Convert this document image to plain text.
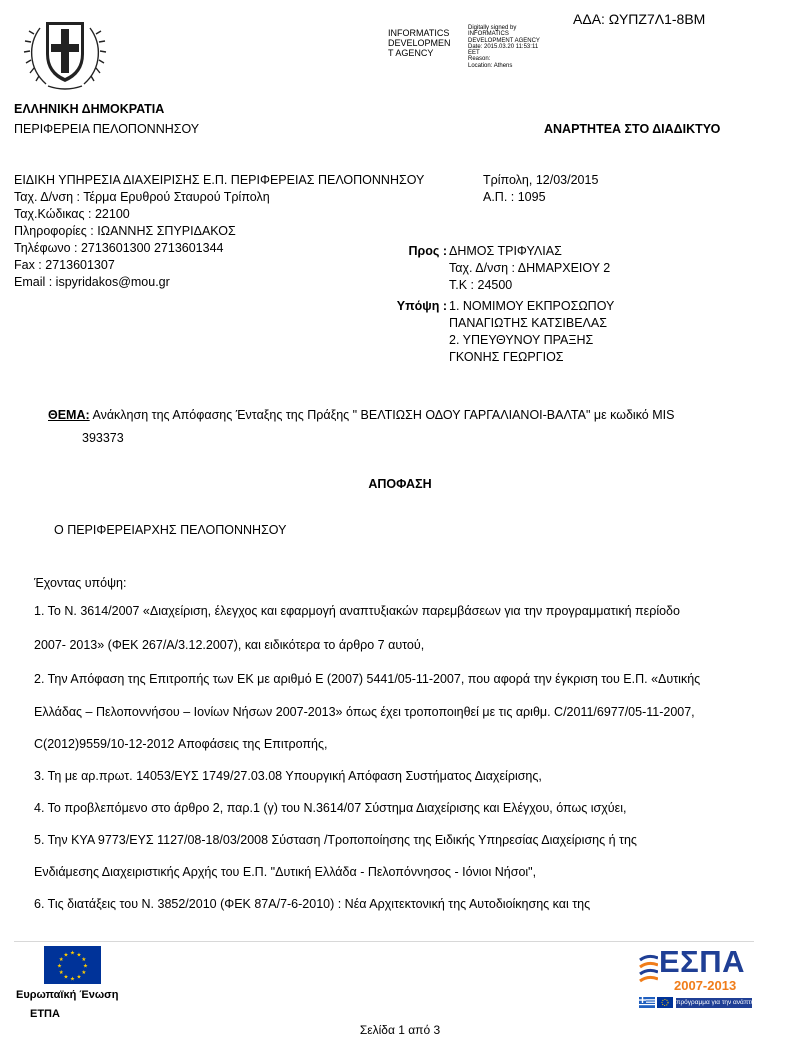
INFORMATICS
DEVELOPMEN
T AGENCY
Digitally signed by
INFORMATICS
DEVELOPMENT AGENCY
Date: 2015.03.20 11:53:11
EET
Reason:
Location: Athens
ΑΔΑ: ΩΥΠΖ7Λ1-8ΒΜ
ΕΛΛΗΝΙΚΗ ΔΗΜΟΚΡΑΤΙΑ
ΠΕΡΙΦΕΡΕΙΑ ΠΕΛΟΠΟΝΝΗΣΟΥ	ΑΝΑΡΤΗΤΕΑ ΣΤΟ ΔΙΑΔΙΚΤΥΟ
ΕΙΔΙΚΗ ΥΠΗΡΕΣΙΑ ΔΙΑΧΕΙΡΙΣΗΣ Ε.Π. ΠΕΡΙΦΕΡΕΙΑΣ ΠΕΛΟΠΟΝΝΗΣΟΥ
Ταχ. Δ/νση : Τέρμα Ερυθρού Σταυρού Τρίπολη
Ταχ.Κώδικας : 22100
Πληροφορίες : ΙΩΑΝΝΗΣ ΣΠΥΡΙΔΑΚΟΣ
Τηλέφωνο : 2713601300 2713601344
Fax : 2713601307
Email : ispyridakos@mou.gr
Τρίπολη, 12/03/2015
Α.Π. : 1095
Προς : ΔΗΜΟΣ ΤΡΙΦΥΛΙΑΣ
Ταχ. Δ/νση : ΔΗΜΑΡΧΕΙΟΥ 2
Τ.Κ : 24500
Υπόψη : 1. ΝΟΜΙΜΟΥ ΕΚΠΡΟΣΩΠΟΥ
ΠΑΝΑΓΙΩΤΗΣ ΚΑΤΣΙΒΕΛΑΣ
2. ΥΠΕΥΘΥΝΟΥ ΠΡΑΞΗΣ
ΓΚΟΝΗΣ ΓΕΩΡΓΙΟΣ
ΘΕΜΑ: Ανάκληση της Απόφασης Ένταξης της Πράξης " ΒΕΛΤΙΩΣΗ ΟΔΟΥ ΓΑΡΓΑΛΙΑΝΟΙ-ΒΑΛΤΑ" με κωδικό MIS
393373
ΑΠΟΦΑΣΗ
Ο ΠΕΡΙΦΕΡΕΙΑΡΧΗΣ ΠΕΛΟΠΟΝΝΗΣΟΥ
Έχοντας υπόψη:
1. Το Ν. 3614/2007 «Διαχείριση, έλεγχος και εφαρμογή αναπτυξιακών παρεμβάσεων για την προγραμματική περίοδο
2007- 2013» (ΦΕΚ 267/Α/3.12.2007), και ειδικότερα το άρθρο 7 αυτού,
2. Την Απόφαση της Επιτροπής των ΕΚ με αριθμό Ε (2007) 5441/05-11-2007, που αφορά την έγκριση του Ε.Π. «Δυτικής
Ελλάδας – Πελοποννήσου – Ιονίων Νήσων 2007-2013» όπως έχει τροποποιηθεί με τις αριθμ. C/2011/6977/05-11-2007,
C(2012)9559/10-12-2012 Αποφάσεις της Επιτροπής,
3. Τη με αρ.πρωτ. 14053/ΕΥΣ 1749/27.03.08 Υπουργική Απόφαση Συστήματος Διαχείρισης,
4. Το προβλεπόμενο στο άρθρο 2, παρ.1 (γ) του Ν.3614/07 Σύστημα Διαχείρισης και Ελέγχου, όπως ισχύει,
5. Την ΚΥΑ 9773/ΕΥΣ 1127/08-18/03/2008 Σύσταση /Τροποποίησης της Ειδικής Υπηρεσίας Διαχείρισης ή της
Ενδιάμεσης Διαχειριστικής Αρχής του Ε.Π. "Δυτική Ελλάδα - Πελοπόννησος - Ιόνιοι Νήσοι",
6. Τις διατάξεις του Ν. 3852/2010 (ΦΕΚ 87Α/7-6-2010) : Νέα Αρχιτεκτονική της Αυτοδιοίκησης και της
★ ★
★
★
★
★
★
★
★
★
★
★
Ευρωπαϊκή Ένωση
ΕΤΠΑ
Σελίδα 1 από 3
ΕΣΠΑ
2007-2013
πρόγραμμα για την ανάπτυξη
